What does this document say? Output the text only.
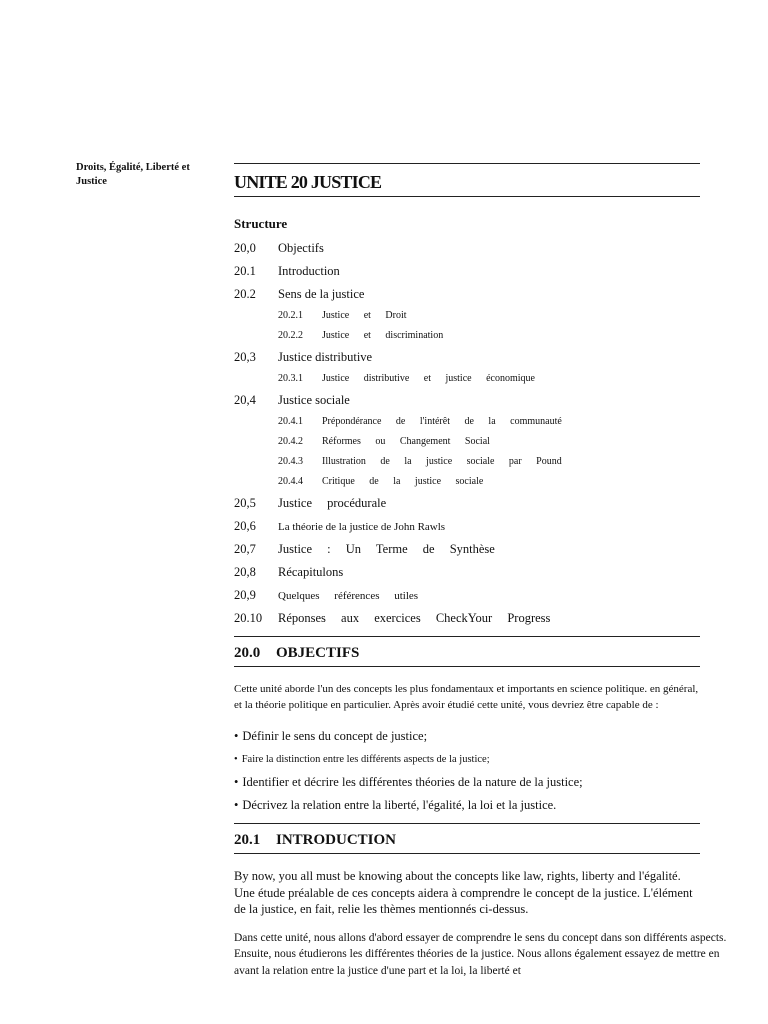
Droits, Égalité, Liberté et Justice	UNITE 20 JUSTICE
Structure
20,0	Objectifs
20.1	Introduction
20.2	Sens de la justice
20.2.1	Justice et Droit
20.2.2	Justice et discrimination
20,3	Justice distributive
20.3.1	Justice distributive et justice économique
20,4	Justice sociale
20.4.1	Prépondérance de l'intérêt de la communauté
20.4.2	Réformes ou Changement Social
20.4.3	Illustration de la justice sociale par Pound
20.4.4	Critique de la justice sociale
20,5	Justice procédurale
20,6	La théorie de la justice de John Rawls
20,7	Justice : Un Terme de Synthèse
20,8	Récapitulons
20,9	Quelques références utiles
20.10	Réponses aux exercices CheckYour Progress
20.0	OBJECTIFS
Cette unité aborde l'un des concepts les plus fondamentaux et importants en science politique. en général, et la théorie politique en particulier. Après avoir étudié cette unité, vous devriez être capable de :
• Définir le sens du concept de justice;
• Faire la distinction entre les différents aspects de la justice;
• Identifier et décrire les différentes théories de la nature de la justice;
• Décrivez la relation entre la liberté, l'égalité, la loi et la justice.
20.1	INTRODUCTION
By now, you all must be knowing about the concepts like law, rights, liberty and l'égalité. Une étude préalable de ces concepts aidera à comprendre le concept de la justice. L'élément de la justice, en fait, relie les thèmes mentionnés ci-dessus.
Dans cette unité, nous allons d'abord essayer de comprendre le sens du concept dans son différents aspects. Ensuite, nous étudierons les différentes théories de la justice. Nous allons également essayez de mettre en avant la relation entre la justice d'une part et la loi, la liberté et
